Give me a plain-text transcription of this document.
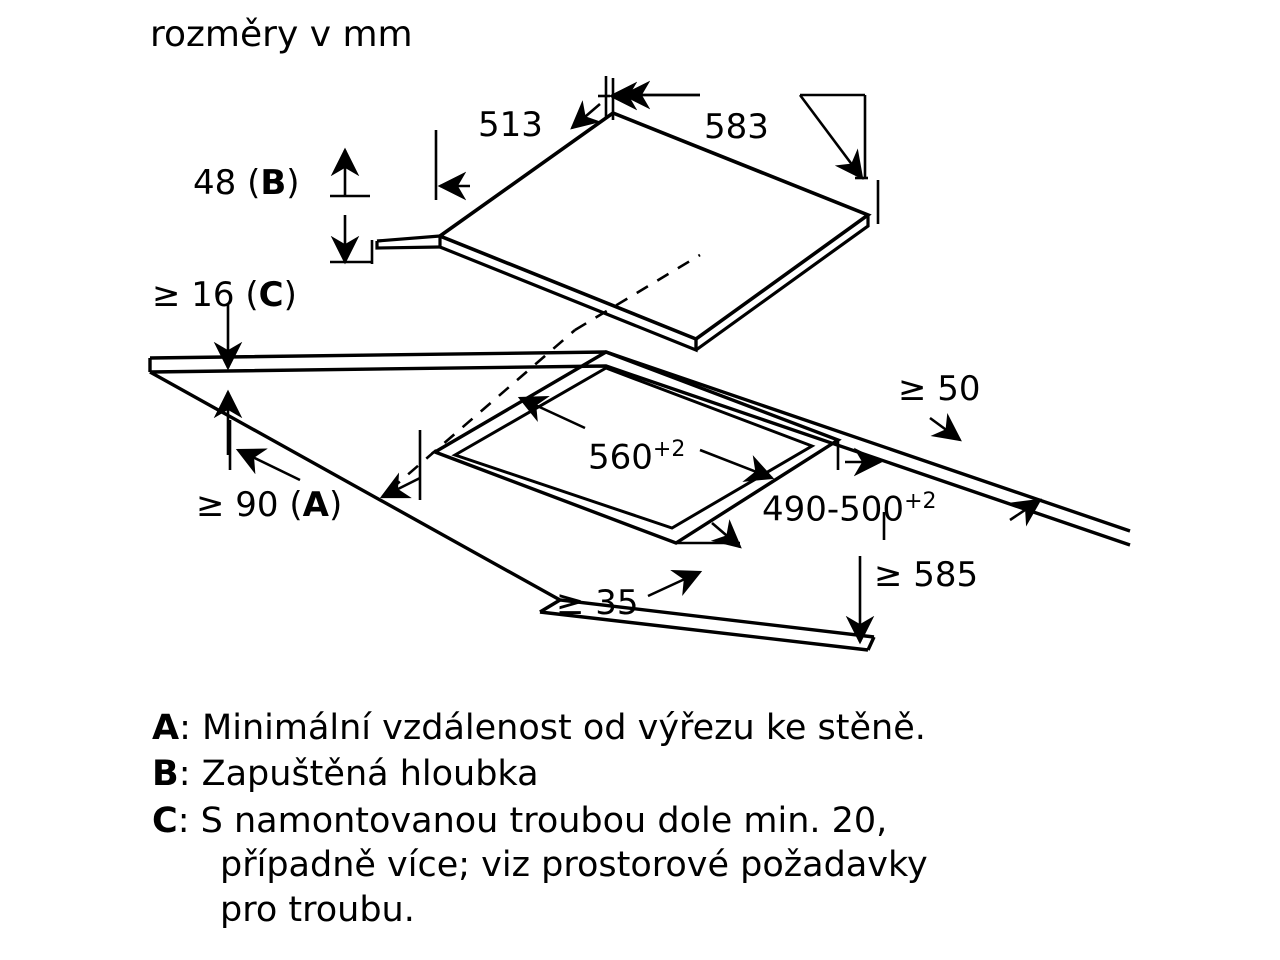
rozměry v mm
583
513
48 (B)
≥ 16 (C)
≥ 90 (A)
$560^{+2}$
$490-500^{+2}$
≥ 35
≥ 585
≥ 50
A: Minimální vzdálenost od výřezu ke stěně.
B: Zapuštěná hloubka
C: S namontovanou troubou dole min. 20,
případně více; viz prostorové požadavky
pro troubu.
